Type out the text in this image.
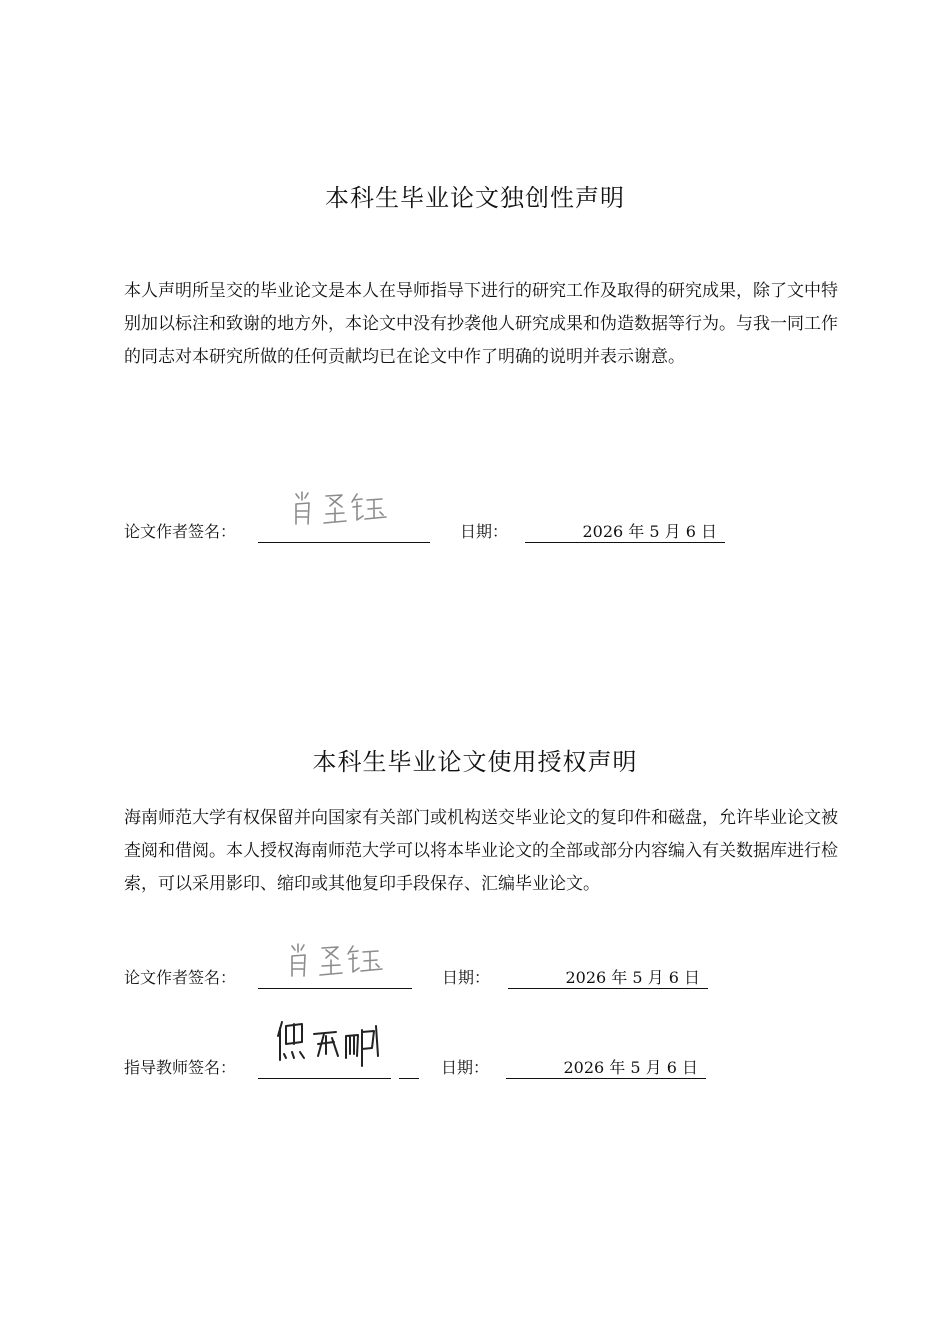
本科生毕业论文独创性声明

本人声明所呈交的毕业论文是本人在导师指导下进行的研究工作及取得的研究成果，除了文中特别加以标注和致谢的地方外，本论文中没有抄袭他人研究成果和伪造数据等行为。与我一同工作的同志对本研究所做的任何贡献均已在论文中作了明确的说明并表示谢意。

论文作者签名：	日期：	2026 年 5 月 6 日
本科生毕业论文使用授权声明

海南师范大学有权保留并向国家有关部门或机构送交毕业论文的复印件和磁盘，允许毕业论文被查阅和借阅。本人授权海南师范大学可以将本毕业论文的全部或部分内容编入有关数据库进行检索，可以采用影印、缩印或其他复印手段保存、汇编毕业论文。

论文作者签名：	日期：	2026 年 5 月 6 日
指导教师签名：	日期：	2026 年 5 月 6 日
